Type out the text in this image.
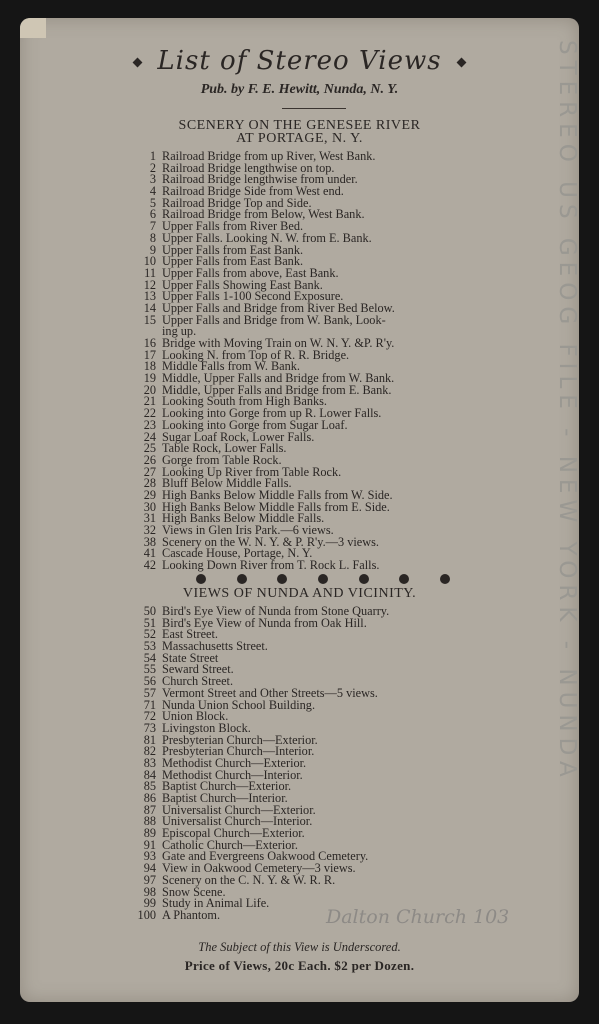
List of Stereo Views
Pub. by F. E. Hewitt, Nunda, N. Y.
SCENERY ON THE GENESEE RIVER
AT PORTAGE, N. Y.
1 Railroad Bridge from up River, West Bank.
2 Railroad Bridge lengthwise on top.
3 Railroad Bridge lengthwise from under.
4 Railroad Bridge Side from West end.
5 Railroad Bridge Top and Side.
6 Railroad Bridge from Below, West Bank.
7 Upper Falls from River Bed.
8 Upper Falls. Looking N. W. from E. Bank.
9 Upper Falls from East Bank.
10 Upper Falls from East Bank.
11 Upper Falls from above, East Bank.
12 Upper Falls Showing East Bank.
13 Upper Falls 1-100 Second Exposure.
14 Upper Falls and Bridge from River Bed Below.
15 Upper Falls and Bridge from W. Bank, Look-
ing up.
16 Bridge with Moving Train on W. N. Y. &P. R'y.
17 Looking N. from Top of R. R. Bridge.
18 Middle Falls from W. Bank.
19 Middle, Upper Falls and Bridge from W. Bank.
20 Middle, Upper Falls and Bridge from E. Bank.
21 Looking South from High Banks.
22 Looking into Gorge from up R. Lower Falls.
23 Looking into Gorge from Sugar Loaf.
24 Sugar Loaf Rock, Lower Falls.
25 Table Rock, Lower Falls.
26 Gorge from Table Rock.
27 Looking Up River from Table Rock.
28 Bluff Below Middle Falls.
29 High Banks Below Middle Falls from W. Side.
30 High Banks Below Middle Falls from E. Side.
31 High Banks Below Middle Falls.
32 Views in Glen Iris Park.—6 views.
38 Scenery on the W. N. Y. & P. R'y.—3 views.
41 Cascade House, Portage, N. Y.
42 Looking Down River from T. Rock L. Falls.
VIEWS OF NUNDA AND VICINITY.
50 Bird's Eye View of Nunda from Stone Quarry.
51 Bird's Eye View of Nunda from Oak Hill.
52 East Street.
53 Massachusetts Street.
54 State Street
55 Seward Street.
56 Church Street.
57 Vermont Street and Other Streets—5 views.
71 Nunda Union School Building.
72 Union Block.
73 Livingston Block.
81 Presbyterian Church—Exterior.
82 Presbyterian Church—Interior.
83 Methodist Church—Exterior.
84 Methodist Church—Interior.
85 Baptist Church—Exterior.
86 Baptist Church—Interior.
87 Universalist Church—Exterior.
88 Universalist Church—Interior.
89 Episcopal Church—Exterior.
91 Catholic Church—Exterior.
93 Gate and Evergreens Oakwood Cemetery.
94 View in Oakwood Cemetery—3 views.
97 Scenery on the C. N. Y. & W. R. R.
98 Snow Scene.
99 Study in Animal Life.
100 A Phantom.
The Subject of this View is Underscored.
Price of Views, 20c Each. $2 per Dozen.
STEREO US GEOG FILE - NEW YORK - NUNDA
Dalton Church 103
